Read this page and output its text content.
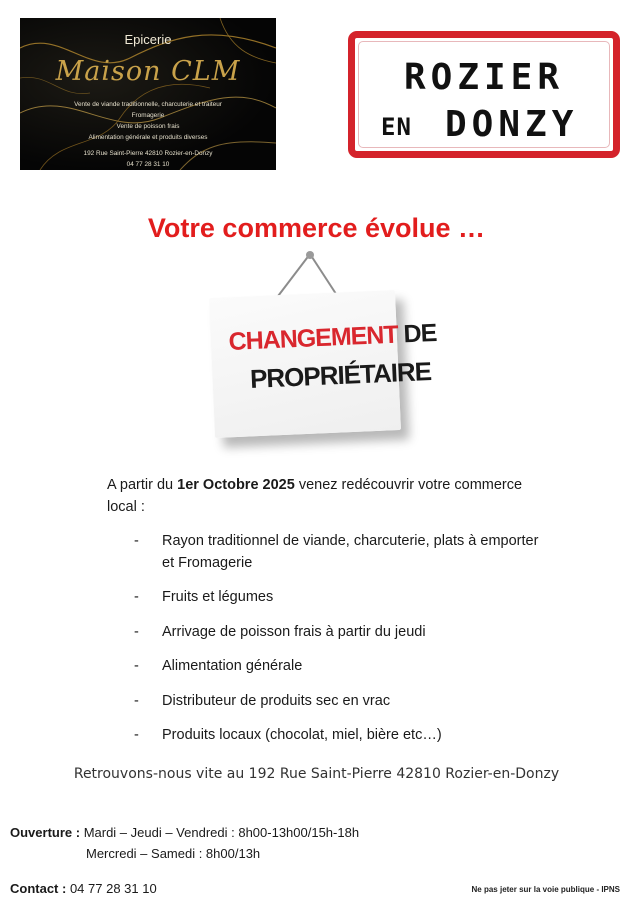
Epicerie
Maison CLM
Vente de viande traditionnelle, charcuterie et traiteur
Fromagerie
Vente de poisson frais
Alimentation générale et produits diverses
192 Rue Saint-Pierre 42810 Rozier-en-Donzy
04 77 28 31 10
ROZIER
EN DONZY
Votre commerce évolue …
CHANGEMENT DE
PROPRIÉTAIRE
A partir du 1er Octobre 2025 venez redécouvrir votre commerce local :
- Rayon traditionnel de viande, charcuterie, plats à emporter et Fromagerie
- Fruits et légumes
- Arrivage de poisson frais à partir du jeudi
- Alimentation générale
- Distributeur de produits sec en vrac
- Produits locaux (chocolat, miel, bière etc…)
Retrouvons-nous vite au 192 Rue Saint-Pierre 42810 Rozier-en-Donzy
Ouverture : Mardi – Jeudi – Vendredi : 8h00-13h00/15h-18h
Mercredi – Samedi : 8h00/13h
Contact : 04 77 28 31 10	Ne pas jeter sur la voie publique - IPNS
